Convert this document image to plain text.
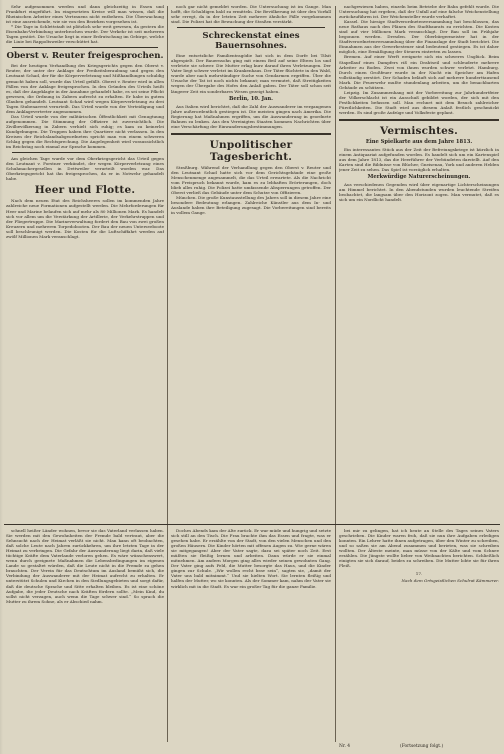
Sehr aufgenommen werden und dann gleichzeitig in Essen und Frankfurt eingeführt. Im eingesetzten Kreise will man wissen, daß die Rheinischen Arbeiter eines Vertrauens nicht entbehren. Die Überwachung ist eine ausreichende, wie sie von den Bezirken vorgesehen ist.

* Die Tage in Schlettstadt ist plötzlich sehr weit gewesen, da gestern die Eisenbahn-Verbindung unterbrochen wurde. Der Verkehr ist seit mehreren Tagen gestört. Die Ursache liegt in einer Erdrutschung im Gebirge, welche die Linie bei Rappoltsweiler verschüttet hat.

Oberst v. Reuter freigesprochen.

Bei der heutigen Verhandlung des Kriegsgerichts gegen den Oberst v. Reuter, der unter der Anklage der Freiheitsberaubung und gegen den Leutnant Schad, der für die Körperverletzung und Mißhandlungen schuldig gemacht haben soll, wurde das Urteil gefällt. Oberst v. Reuter wird in allen Fällen von der Anklage freigesprochen. In den Gründen des Urteils heißt es, daß der Angeklagte in der Annahme gehandelt habe, es sei seine Pflicht gewesen, die Ordnung in Zabern aufrecht zu erhalten. Er habe in gutem Glauben gehandelt. Leutnant Schad wird wegen Körperverletzung zu drei Tagen Stubenarrest verurteilt. Das Urteil wurde von der Verteidigung und dem Anklagevertreter angenommen.

Das Urteil wurde von der militärischen Öffentlichkeit mit Genugtuung aufgenommen. Die Stimmung der Offiziere ist zuversichtlich. Die Zivilbevölkerung in Zabern verhielt sich ruhig; es kam zu keinerlei Kundgebungen. Die Truppen haben ihre Quartiere nicht verlassen. In den Kreisen der Reichslandsabgeordneten spricht man von einem schweren Schlag gegen die Rechtsprechung. Die Angelegenheit wird voraussichtlich im Reichstag noch einmal zur Sprache kommen.

Am gleichen Tage wurde vor dem Oberkriegsgericht das Urteil gegen den Leutnant v. Forstner verkündet, der wegen Körperverletzung eines Schuhmachergesellen in Dettweiler verurteilt worden war. Das Oberkriegsgericht hat ihn freigesprochen, da er in Notwehr gehandelt habe.

Heer und Flotte.

Nach dem neuen Etat des Reichsheeres sollen im kommenden Jahre zahlreiche neue Formationen aufgestellt werden. Die Mehrforderungen für Heer und Marine belaufen sich auf mehr als 80 Millionen Mark. Es handelt sich vor allem um die Verstärkung der Artillerie, der Verkehrstruppen und der Fliegertruppe. Die Marineverwaltung fordert den Bau von zwei großen Kreuzern und mehreren Torpedobooten. Der Bau der neuen Unterseeboote soll beschleunigt werden. Die Kosten für die Luftschiffahrt werden auf zwölf Millionen Mark veranschlagt.

noch gar nicht gemeldet worden. Die Untersuchung ist im Gange. Man hofft, die Schuldigen bald zu ermitteln. Die Bevölkerung ist über den Vorfall sehr erregt, da in der letzten Zeit mehrere ähnliche Fälle vorgekommen sind. Die Polizei hat die Bewachung der Straßen verstärkt.

Schreckenstat eines Bauernsohnes.

Eine entsetzliche Familientragödie hat sich in dem Dorfe bei Tilsit abgespielt. Der Bauernsohn ging mit einem Beil auf seine Eltern los und verletzte sie schwer. Die Mutter erlag kurz darauf ihren Verletzungen. Der Vater liegt schwer verletzt im Krankenhaus. Der Täter flüchtete in den Wald, wurde aber nach mehrstündiger Suche von Gendarmen ergriffen. Über die Ursache der Tat ist noch nichts bekannt; man vermutet, daß Streitigkeiten wegen der Übergabe des Hofes den Anlaß gaben. Der Täter soll schon seit längerer Zeit ein sonderbares Wesen gezeigt haben.

Berlin, 10. Jan.

Aus Italien wird berichtet, daß die Zahl der Auswanderer im vergangenen Jahre außerordentlich gestiegen ist. Die meisten gingen nach Amerika. Die Regierung hat Maßnahmen ergriffen, um die Auswanderung in geordnete Bahnen zu lenken. Aus den Vereinigten Staaten kommen Nachrichten über eine Verschärfung der Einwanderungsbestimmungen.

Unpolitischer Tagesbericht.

Straßburg. Während der Verhandlung gegen den Oberst v. Reuter und den Leutnant Schad hatte sich vor dem Gerichtsgebäude eine große Menschenmenge angesammelt, die das Urteil erwartete. Als die Nachricht vom Freispruch bekannt wurde, kam es zu lebhaften Erörterungen, doch blieb alles ruhig. Die Polizei hatte umfassende Absperrungen getroffen. Der Oberst verließ das Gebäude unter dem Schutze von Offizieren.

München. Die große Kunstausstellung des Jahres soll in diesem Jahre eine besondere Bedeutung erlangen. Zahlreiche Künstler aus dem In- und Auslande haben ihre Beteiligung zugesagt. Die Vorbereitungen sind bereits in vollem Gange.

nachgewiesen haben, einzeln beim Betriebe der Bahn gefehlt wurde. Die Untersuchung hat ergeben, daß der Unfall auf eine falsche Weichenstellung zurückzuführen ist. Der Weichensteller wurde verhaftet.

Kassel. Die hiesige Stadtverordnetenversammlung hat beschlossen, das neue Rathaus nach den Plänen des Stadtbaurats zu errichten. Die Kosten sind auf vier Millionen Mark veranschlagt. Der Bau soll im Frühjahr begonnen werden. Dresden. Der Oberbürgermeister hat in der Stadtverordnetenversammlung über die Finanzlage der Stadt berichtet. Die Einnahmen aus der Gewerbesteuer sind bedeutend gestiegen. Es ist daher möglich, eine Ermäßigung der Steuern eintreten zu lassen.

Bremen. Auf einer Werft ereignete sich ein schweres Unglück. Beim Stapellauf eines Dampfers riß ein Drahtseil und schleuderte mehrere Arbeiter zu Boden. Zwei von ihnen wurden schwer verletzt. Hamburg. Durch einen Großfeuer wurde in der Nacht ein Speicher am Hafen vollständig zerstört. Der Schaden beläuft sich auf mehrere hunderttausend Mark. Die Feuerwehr mußte stundenlang arbeiten, um die benachbarten Gebäude zu schützen.

Leipzig. Im Zusammenhang mit der Vorbereitung zur Jahrhundertfeier der Völkerschlacht ist ein Ausschuß gebildet worden, der sich mit den Festlichkeiten befassen soll. Man rechnet mit dem Besuch zahlreicher Fürstlichkeiten. Die Stadt wird aus diesem Anlaß festlich geschmückt werden. Es sind große Aufzüge und Volksfeste geplant.

Vermischtes.
Eine Spielkarte aus dem Jahre 1813.

Ein interessantes Stück aus der Zeit der Befreiungskriege ist kürzlich in einem Antiquariat aufgefunden worden. Es handelt sich um ein Kartenspiel aus dem Jahre 1813, das die Heerführer der Verbündeten darstellt. Auf den Karten sind die Bildnisse von Blücher, Gneisenau, York und anderen Helden jener Zeit zu sehen. Das Spiel ist vorzüglich erhalten.

Merkwürdige Naturerscheinungen.

Aus verschiedenen Gegenden wird über eigenartige Lichterscheinungen am Himmel berichtet. In den Abendstunden wurden leuchtende Streifen beobachtet, die langsam über den Horizont zogen. Man vermutet, daß es sich um ein Nordlicht handelt.

schnell heißer Länder wohnen, bevor sie das Vaterland verlassen haben. Sie werden mit den Gewohnheiten der Fremde bald vertraut, aber die Sehnsucht nach der Heimat verläßt sie nicht. Man kann oft beobachten, daß solche Leute nach Jahren zurückkehren, um ihre letzten Tage in der Heimat zu verbringen. Die Gefahr der Auswanderung liegt darin, daß viele tüchtige Kräfte dem Vaterlande verloren gehen. Es wäre wünschenswert, wenn durch geeignete Maßnahmen die Lebensbedingungen im eigenen Lande so gestaltet würden, daß die Leute nicht in die Fremde zu gehen brauchten. Der Verein für das Deutschtum im Ausland bemüht sich, die Verbindung der Auswanderer mit der Heimat aufrecht zu erhalten. Er unterstützt Schulen und Kirchen in den Siedlungsgebieten und sorgt dafür, daß die deutsche Sprache und Sitte erhalten bleiben. Es ist eine schöne Aufgabe, die jeder Deutsche nach Kräften fördern sollte. „Mein Kind, du sollst nicht verzagen, auch wenn die Tage schwer sind.“ So sprach die Mutter zu ihrem Sohne, als er Abschied nahm.

Doches Abends kam der Alte zurück. Er war müde und hungrig und setzte sich still an den Tisch. Die Frau brachte ihm das Essen und fragte, was er gesehen habe. Er erzählte von der Stadt, von den vielen Menschen und den großen Häusern. Die Kinder hörten mit offenen Augen zu. Wie gerne wären sie mitgegangen! Aber der Vater sagte, dazu sei später noch Zeit. Erst müßten sie fleißig lernen und arbeiten. Dann würde er sie einmal mitnehmen. Am andern Morgen ging alles wieder seinen gewohnten Gang. Der Vater ging aufs Feld, die Mutter besorgte das Haus, und die Kinder gingen zur Schule. „Wir wollen recht brav sein“, sagten sie, „damit der Vater uns bald mitnimmt.“ Und sie hielten Wort. Sie lernten fleißig und halfen der Mutter, wo sie konnten. Als der Sommer kam, nahm der Vater sie wirklich mit in die Stadt. Es war ein großer Tag für die ganze Familie.

bei mir zu gelingen, hat ich heute an Stelle des Tages seines Vaters geschrieben. Die Kinder waren froh, daß sie nun ihre Aufgaben erledigen konnten. Ein Lehrer hatte ihnen aufgetragen, über den Winter zu schreiben, und so saßen sie am Abend zusammen und berieten, was sie schreiben wollten. Der Älteste meinte, man müsse von der Kälte und vom Schnee erzählen. Die Jüngste wollte lieber von Weihnachten berichten. Schließlich einigten sie sich darauf, beides zu schreiben. Die Mutter lobte sie für ihren Fleiß.

17.
Nach dem Ortsgeistlichen Schulrat Kämmerer.
Nr. 4	(Fortsetzung folgt.)
